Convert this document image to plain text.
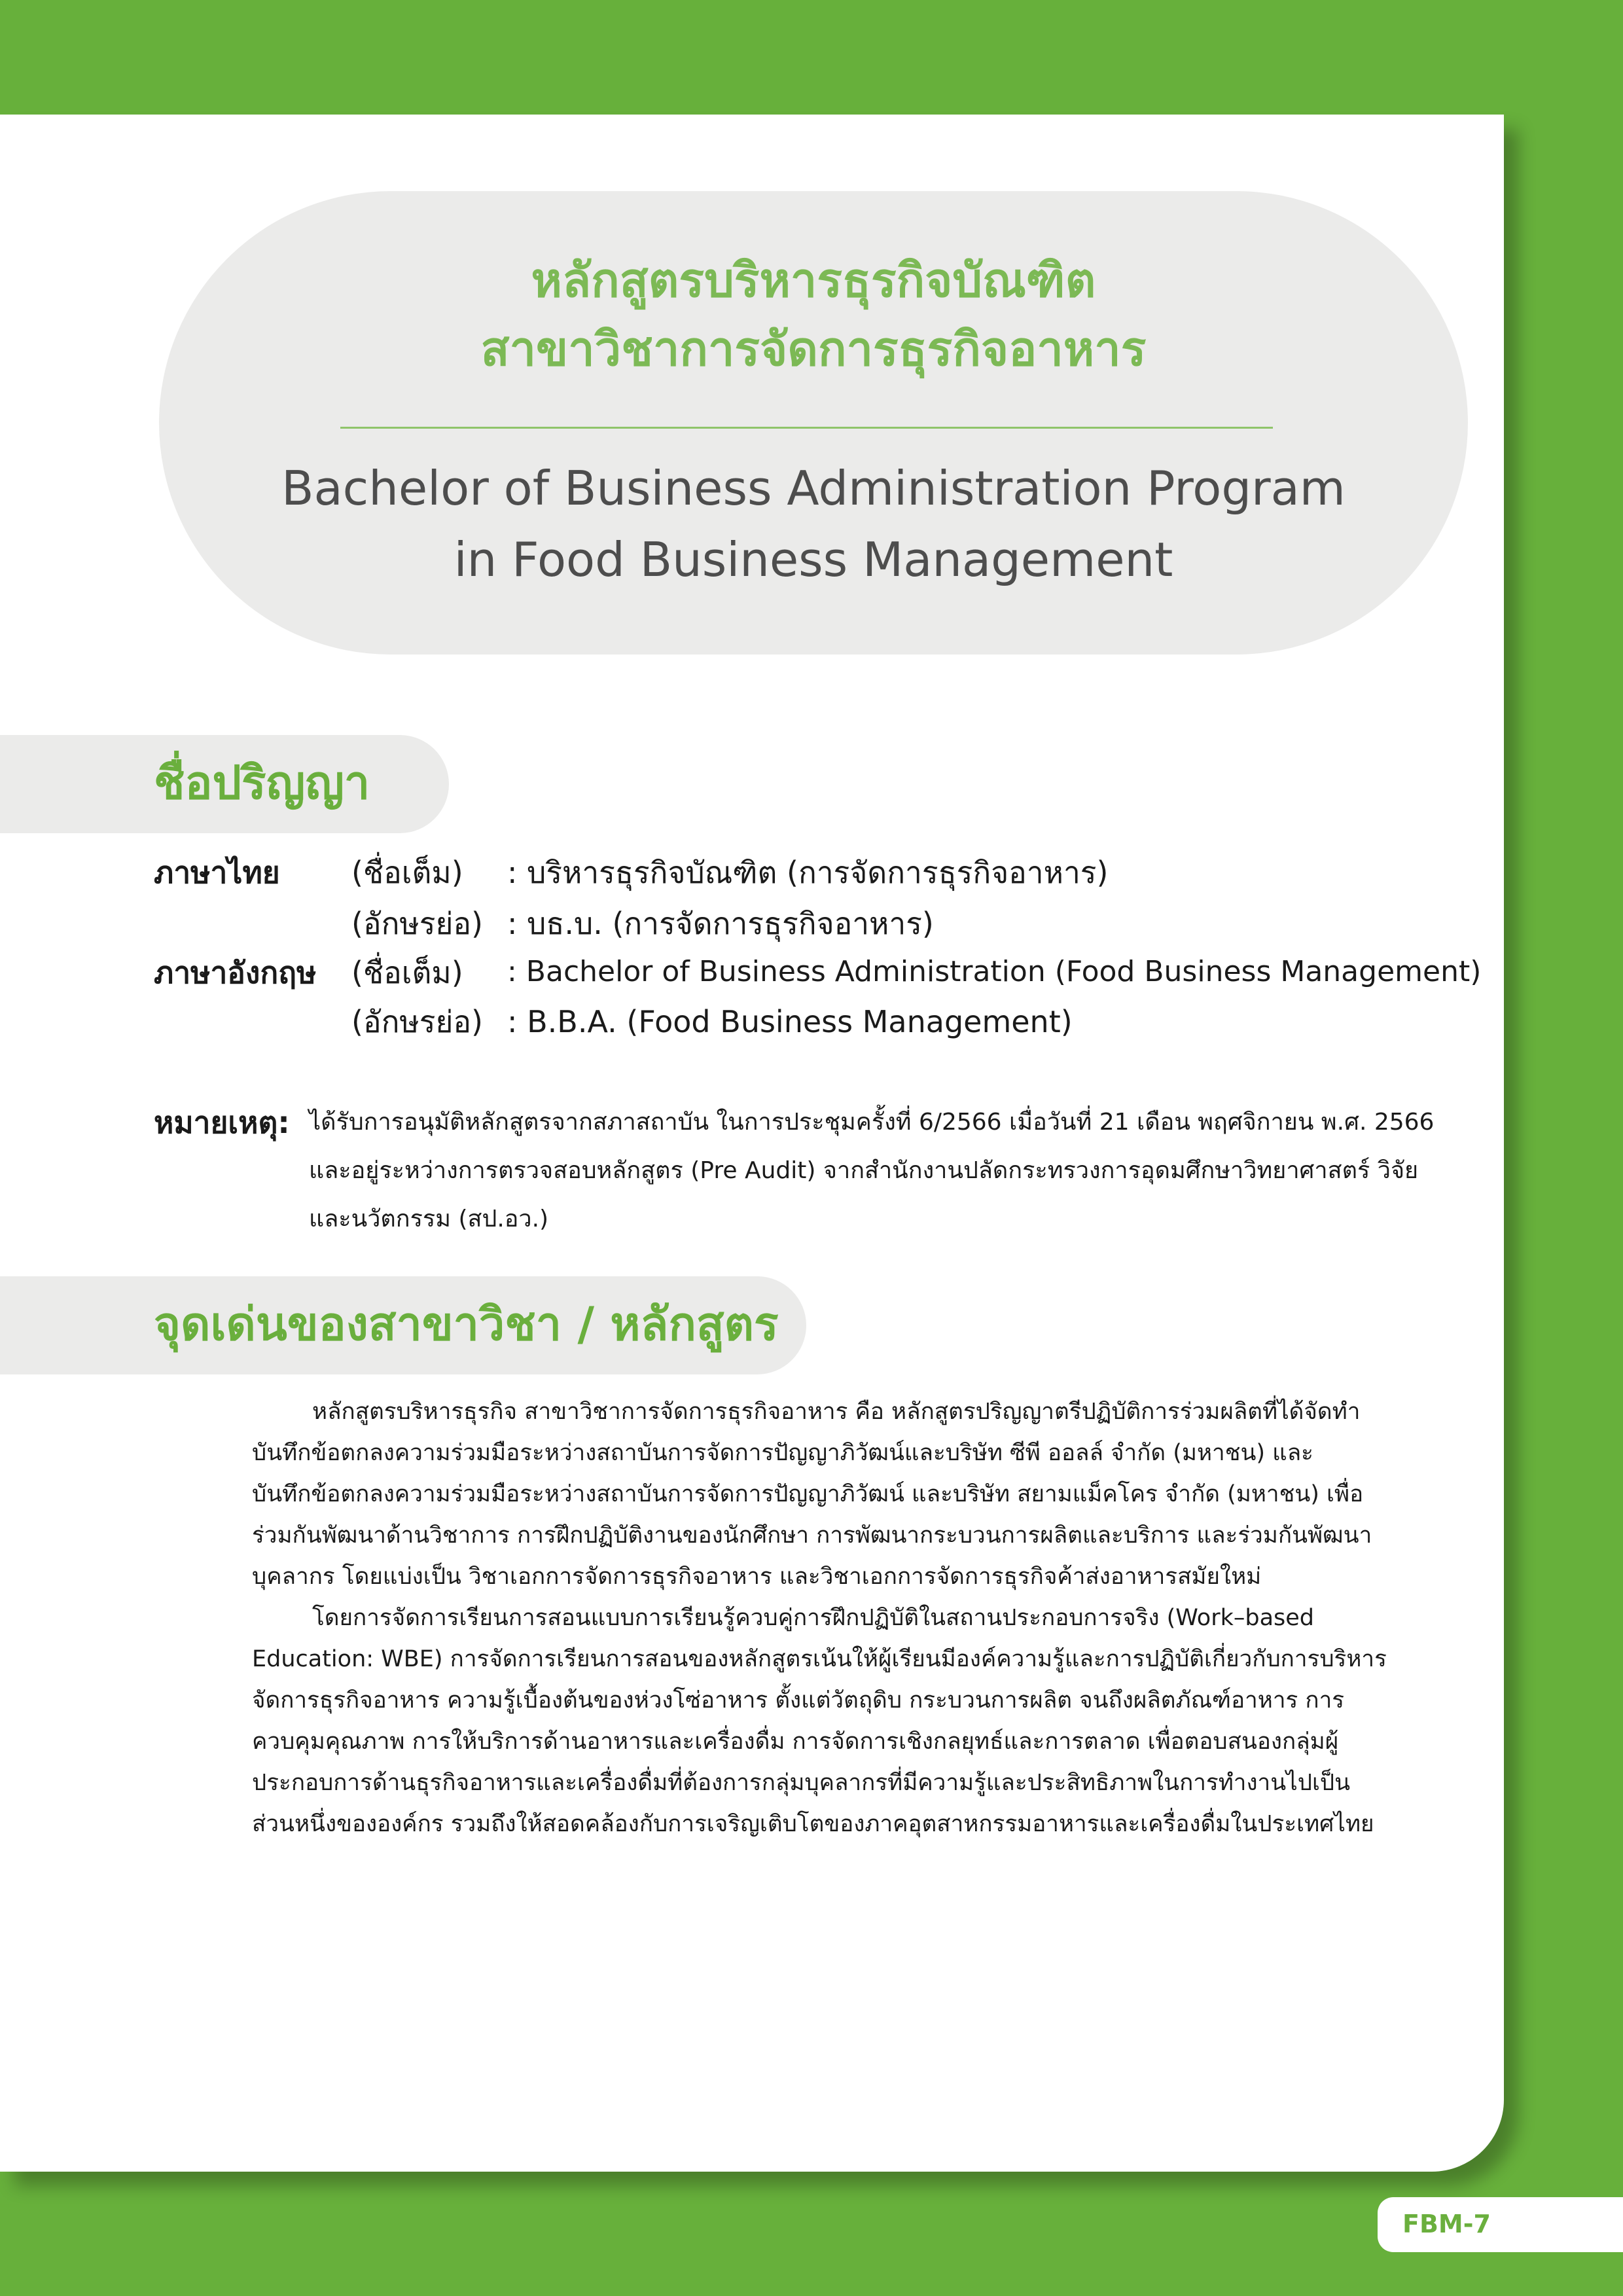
หลักสูตรบริหารธุรกิจบัณฑิต
สาขาวิชาการจัดการธุรกิจอาหาร
Bachelor of Business Administration Program
in Food Business Management
ชื่อปริญญา
ภาษาไทย (ชื่อเต็ม) : บริหารธุรกิจบัณฑิต (การจัดการธุรกิจอาหาร)
(อักษรย่อ) : บธ.บ. (การจัดการธุรกิจอาหาร)
ภาษาอังกฤษ (ชื่อเต็ม) : Bachelor of Business Administration (Food Business Management)
(อักษรย่อ) : B.B.A. (Food Business Management)
หมายเหตุ: ได้รับการอนุมัติหลักสูตรจากสภาสถาบัน ในการประชุมครั้งที่ 6/2566 เมื่อวันที่ 21 เดือน พฤศจิกายน พ.ศ. 2566
และอยู่ระหว่างการตรวจสอบหลักสูตร (Pre Audit) จากสำนักงานปลัดกระทรวงการอุดมศึกษาวิทยาศาสตร์ วิจัย
และนวัตกรรม (สป.อว.)
จุดเด่นของสาขาวิชา / หลักสูตร
หลักสูตรบริหารธุรกิจ สาขาวิชาการจัดการธุรกิจอาหาร คือ หลักสูตรปริญญาตรีปฏิบัติการร่วมผลิตที่ได้จัดทำ
บันทึกข้อตกลงความร่วมมือระหว่างสถาบันการจัดการปัญญาภิวัฒน์และบริษัท ซีพี ออลล์ จำกัด (มหาชน) และ
บันทึกข้อตกลงความร่วมมือระหว่างสถาบันการจัดการปัญญาภิวัฒน์ และบริษัท สยามแม็คโคร จำกัด (มหาชน) เพื่อ
ร่วมกันพัฒนาด้านวิชาการ การฝึกปฏิบัติงานของนักศึกษา การพัฒนากระบวนการผลิตและบริการ และร่วมกันพัฒนา
บุคลากร โดยแบ่งเป็น วิชาเอกการจัดการธุรกิจอาหาร และวิชาเอกการจัดการธุรกิจค้าส่งอาหารสมัยใหม่
โดยการจัดการเรียนการสอนแบบการเรียนรู้ควบคู่การฝึกปฏิบัติในสถานประกอบการจริง (Work–based
Education: WBE) การจัดการเรียนการสอนของหลักสูตรเน้นให้ผู้เรียนมีองค์ความรู้และการปฏิบัติเกี่ยวกับการบริหาร
จัดการธุรกิจอาหาร ความรู้เบื้องต้นของห่วงโซ่อาหาร ตั้งแต่วัตถุดิบ กระบวนการผลิต จนถึงผลิตภัณฑ์อาหาร การ
ควบคุมคุณภาพ การให้บริการด้านอาหารและเครื่องดื่ม การจัดการเชิงกลยุทธ์และการตลาด เพื่อตอบสนองกลุ่มผู้
ประกอบการด้านธุรกิจอาหารและเครื่องดื่มที่ต้องการกลุ่มบุคลากรที่มีความรู้และประสิทธิภาพในการทำงานไปเป็น
ส่วนหนึ่งขององค์กร รวมถึงให้สอดคล้องกับการเจริญเติบโตของภาคอุตสาหกรรมอาหารและเครื่องดื่มในประเทศไทย
FBM-7
